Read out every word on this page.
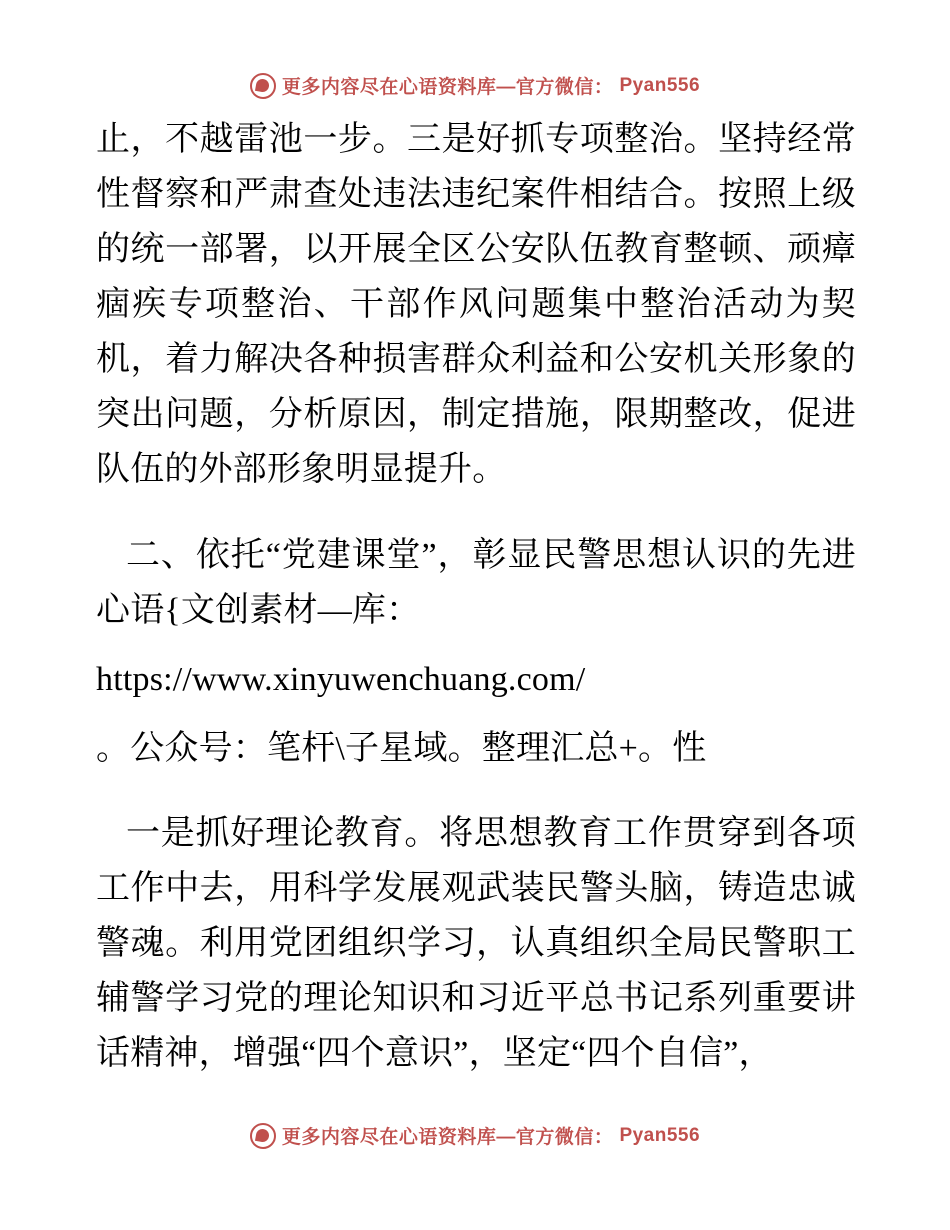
更多内容尽在心语资料库—官方微信： Pyan556

止，不越雷池一步。三是好抓专项整治。坚持经常性督察和严肃查处违法违纪案件相结合。按照上级的统一部署，以开展全区公安队伍教育整顿、顽瘴痼疾专项整治、干部作风问题集中整治活动为契机，着力解决各种损害群众利益和公安机关形象的突出问题，分析原因，制定措施，限期整改，促进队伍的外部形象明显提升。

二、依托“党建课堂”，彰显民警思想认识的先进心语{文创素材—库：

https://www.xinyuwenchuang.com/

。公众号：笔杆\子星域。整理汇总+。性

一是抓好理论教育。将思想教育工作贯穿到各项工作中去，用科学发展观武装民警头脑，铸造忠诚警魂。利用党团组织学习，认真组织全局民警职工辅警学习党的理论知识和习近平总书记系列重要讲话精神，增强“四个意识”，坚定“四个自信”，

更多内容尽在心语资料库—官方微信： Pyan556
